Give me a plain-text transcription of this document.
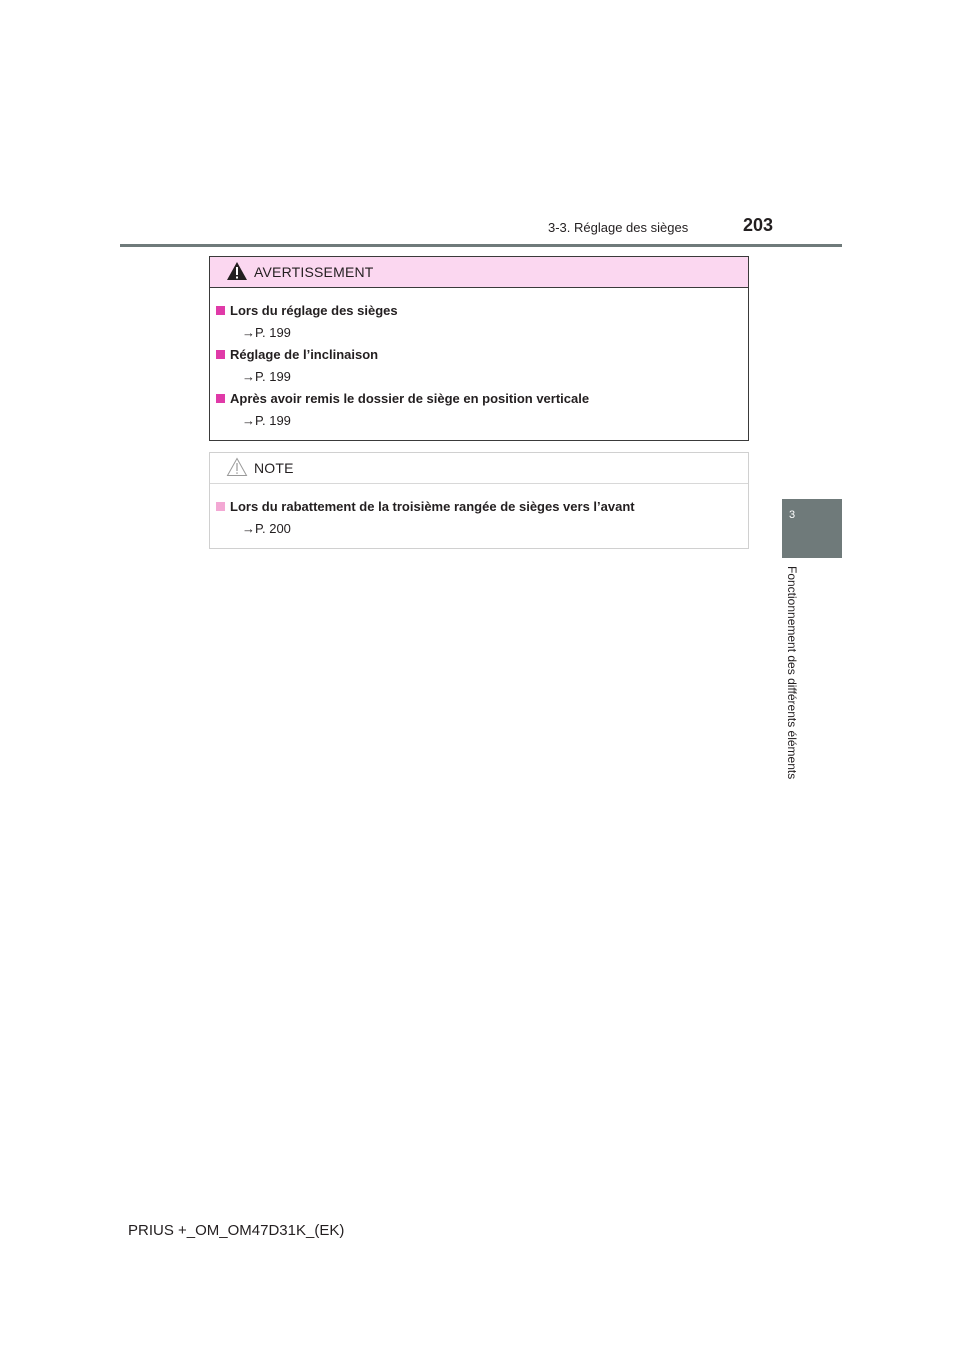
3-3. Réglage des sièges	203
3
Fonctionnement des différents éléments
AVERTISSEMENT
Lors du réglage des sièges
→P. 199
Réglage de l’inclinaison
→P. 199
Après avoir remis le dossier de siège en position verticale
→P. 199
NOTE
Lors du rabattement de la troisième rangée de sièges vers l’avant
→P. 200
PRIUS +_OM_OM47D31K_(EK)
